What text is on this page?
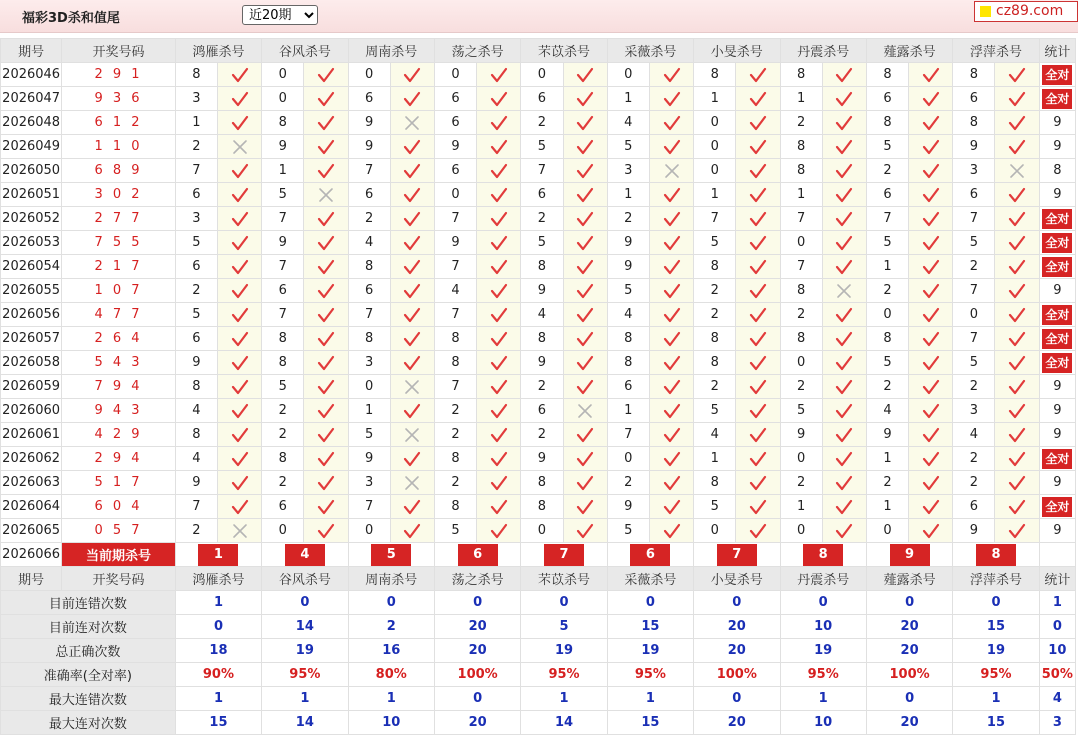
福彩3D杀和值尾
近20期	cz89.com
期号	开奖号码	鸿雁杀号		谷风杀号		周南杀号		荡之杀号		芣苡杀号		采薇杀号		小旻杀号		丹震杀号		薤露杀号		浮萍杀号		统计
2026046	2 9 1	8		0		0		0		0		0		8		8		8		8		全对
2026047	9 3 6	3		0		6		6		6		1		1		1		6		6		全对
2026048	6 1 2	1		8		9		6		2		4		0		2		8		8		9
2026049	1 1 0	2		9		9		9		5		5		0		8		5		9		9
2026050	6 8 9	7		1		7		6		7		3		0		8		2		3		8
2026051	3 0 2	6		5		6		0		6		1		1		1		6		6		9
2026052	2 7 7	3		7		2		7		2		2		7		7		7		7		全对
2026053	7 5 5	5		9		4		9		5		9		5		0		5		5		全对
2026054	2 1 7	6		7		8		7		8		9		8		7		1		2		全对
2026055	1 0 7	2		6		6		4		9		5		2		8		2		7		9
2026056	4 7 7	5		7		7		7		4		4		2		2		0		0		全对
2026057	2 6 4	6		8		8		8		8		8		8		8		8		7		全对
2026058	5 4 3	9		8		3		8		9		8		8		0		5		5		全对
2026059	7 9 4	8		5		0		7		2		6		2		2		2		2		9
2026060	9 4 3	4		2		1		2		6		1		5		5		4		3		9
2026061	4 2 9	8		2		5		2		2		7		4		9		9		4		9
2026062	2 9 4	4		8		9		8		9		0		1		0		1		2		全对
2026063	5 1 7	9		2		3		2		8		2		8		2		2		2		9
2026064	6 0 4	7		6		7		8		8		9		5		1		1		6		全对
2026065	0 5 7	2		0		0		5		0		5		0		0		0		9		9
2026066	当前期杀号	1		4		5		6		7		6		7		8		9		8		
期号	开奖号码	鸿雁杀号		谷风杀号		周南杀号		荡之杀号		芣苡杀号		采薇杀号		小旻杀号		丹震杀号		薤露杀号		浮萍杀号		统计
目前连错次数		1		0		0		0		0		0		0		0		0		0		1
目前连对次数		0		14		2		20		5		15		20		10		20		15		0
总正确次数		18		19		16		20		19		19		20		19		20		19		10
准确率(全对率)		90%		95%		80%		100%		95%		95%		100%		95%		100%		95%		50%
最大连错次数		1		1		1		0		1		1		0		1		0		1		4
最大连对次数		15		14		10		20		14		15		20		10		20		15		3
